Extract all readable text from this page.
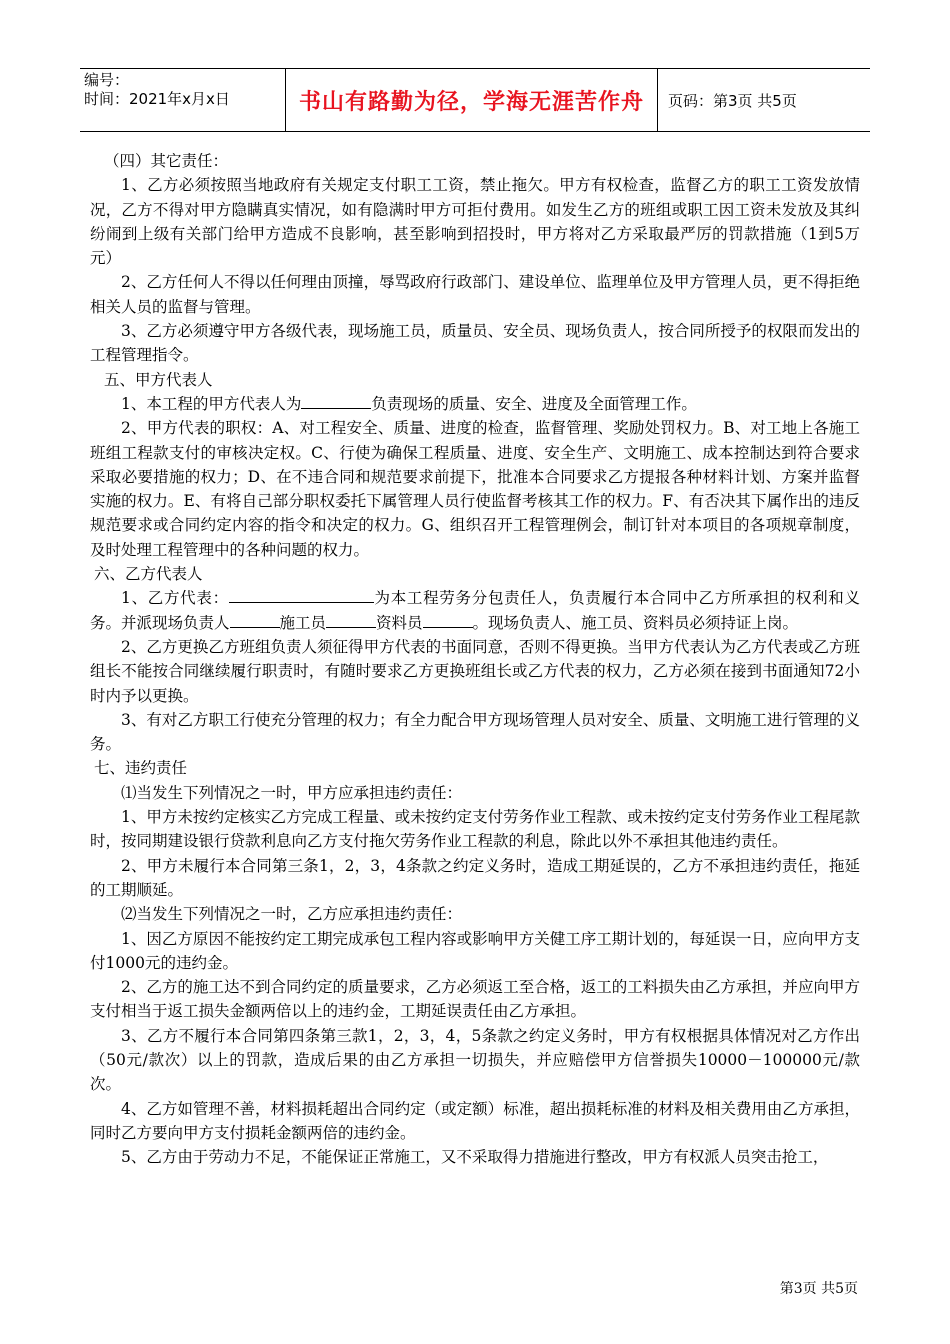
编号：
时间：2021年x月x日	书山有路勤为径，学海无涯苦作舟	页码：第3页 共5页

（四）其它责任：

1、乙方必须按照当地政府有关规定支付职工工资，禁止拖欠。甲方有权检查，监督乙方的职工工资发放情况，乙方不得对甲方隐瞒真实情况，如有隐满时甲方可拒付费用。如发生乙方的班组或职工因工资未发放及其纠纷闹到上级有关部门给甲方造成不良影响，甚至影响到招投时，甲方将对乙方采取最严厉的罚款措施（1到5万元）

2、乙方任何人不得以任何理由顶撞，辱骂政府行政部门、建设单位、监理单位及甲方管理人员，更不得拒绝相关人员的监督与管理。

3、乙方必须遵守甲方各级代表，现场施工员，质量员、安全员、现场负责人，按合同所授予的权限而发出的工程管理指令。

五、甲方代表人

1、本工程的甲方代表人为	负责现场的质量、安全、进度及全面管理工作。

2、甲方代表的职权：A、对工程安全、质量、进度的检查，监督管理、奖励处罚权力。B、对工地上各施工班组工程款支付的审核决定权。C、行使为确保工程质量、进度、安全生产、文明施工、成本控制达到符合要求采取必要措施的权力；D、在不违合同和规范要求前提下，批准本合同要求乙方提报各种材料计划、方案并监督实施的权力。E、有将自己部分职权委托下属管理人员行使监督考核其工作的权力。F、有否决其下属作出的违反规范要求或合同约定内容的指令和决定的权力。G、组织召开工程管理例会，制订针对本项目的各项规章制度，及时处理工程管理中的各种问题的权力。

六、乙方代表人

1、乙方代表：	为本工程劳务分包责任人，负责履行本合同中乙方所承担的权利和义务。并派现场负责人	施工员	资料员	。现场负责人、施工员、资料员必须持证上岗。

2、乙方更换乙方班组负责人须征得甲方代表的书面同意，否则不得更换。当甲方代表认为乙方代表或乙方班组长不能按合同继续履行职责时，有随时要求乙方更换班组长或乙方代表的权力，乙方必须在接到书面通知72小时内予以更换。

3、有对乙方职工行使充分管理的权力；有全力配合甲方现场管理人员对安全、质量、文明施工进行管理的义务。

七、违约责任

⑴当发生下列情况之一时，甲方应承担违约责任：

1、甲方未按约定核实乙方完成工程量、或未按约定支付劳务作业工程款、或未按约定支付劳务作业工程尾款时，按同期建设银行贷款利息向乙方支付拖欠劳务作业工程款的利息，除此以外不承担其他违约责任。

2、甲方未履行本合同第三条1，2，3，4条款之约定义务时，造成工期延误的，乙方不承担违约责任，拖延的工期顺延。

⑵当发生下列情况之一时，乙方应承担违约责任：

1、因乙方原因不能按约定工期完成承包工程内容或影响甲方关健工序工期计划的，每延误一日，应向甲方支付1000元的违约金。

2、乙方的施工达不到合同约定的质量要求，乙方必须返工至合格，返工的工料损失由乙方承担，并应向甲方支付相当于返工损失金额两倍以上的违约金，工期延误责任由乙方承担。

3、乙方不履行本合同第四条第三款1，2，3，4，5条款之约定义务时，甲方有权根据具体情况对乙方作出（50元/款次）以上的罚款，造成后果的由乙方承担一切损失，并应赔偿甲方信誉损失10000－100000元/款次。

4、乙方如管理不善，材料损耗超出合同约定（或定额）标准，超出损耗标准的材料及相关费用由乙方承担，同时乙方要向甲方支付损耗金额两倍的违约金。

5、乙方由于劳动力不足，不能保证正常施工，又不采取得力措施进行整改，甲方有权派人员突击抢工，

第3页 共5页
